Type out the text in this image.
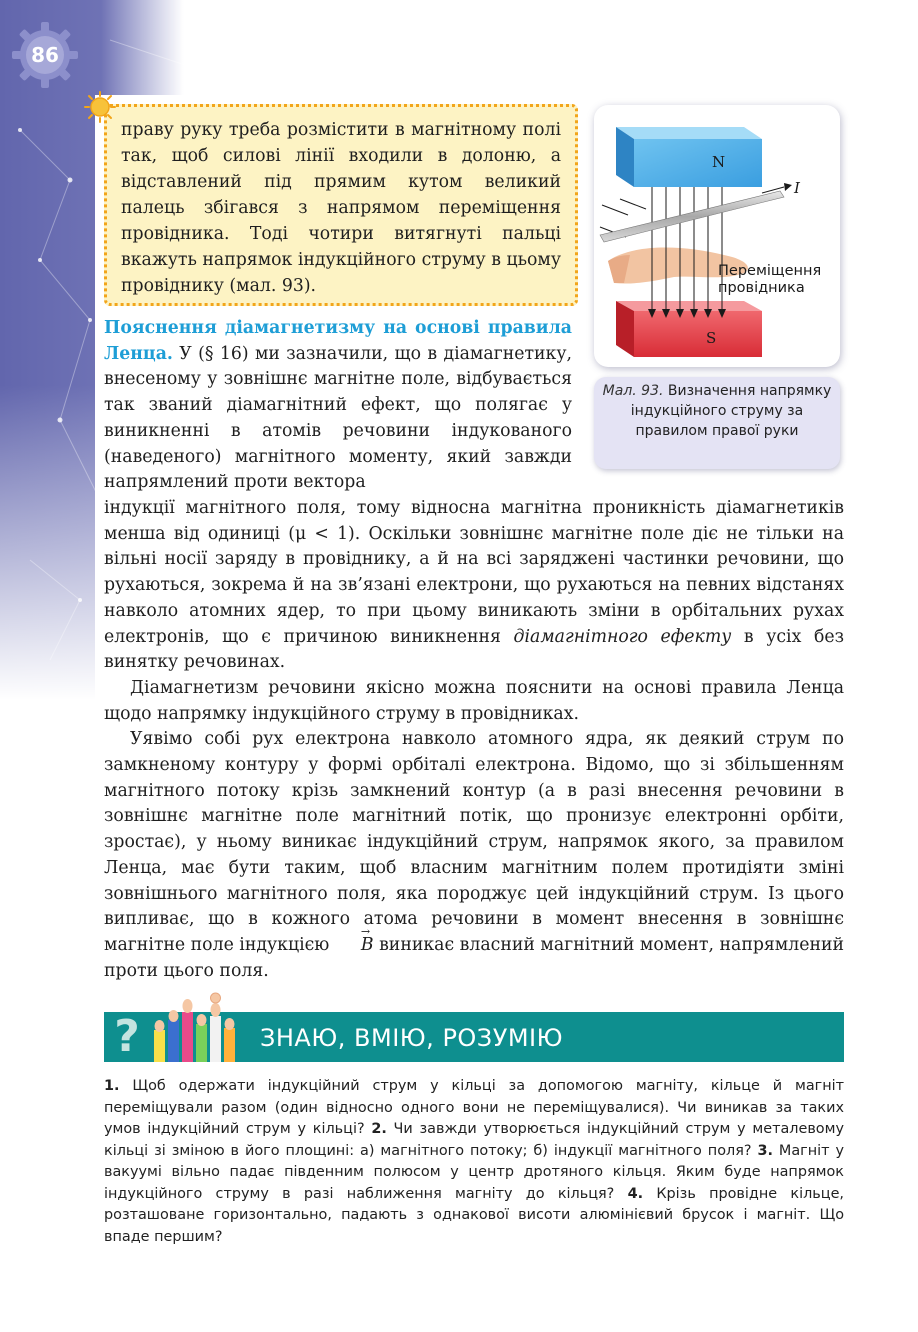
86

праву руку треба розмістити в магнітному полі так, щоб силові лінії входили в долоню, а відставлений під прямим кутом великий палець збігався з напрямом переміщення провідника. Тоді чотири витягнуті пальці вкажуть напрямок індукційного струму в цьому провіднику (мал. 93).

N
S
I
Переміщення
провідника
Мал. 93. Визначення напрямку індукційного струму за правилом правої руки

Пояснення діамагнетизму на основі правила Ленца. У (§ 16) ми зазначили, що в діамагнетику, внесеному у зовнішнє магнітне поле, відбувається так званий діамагнітний ефект, що полягає у виникненні в атомів речовини індукованого (наведеного) магнітного моменту, який завжди напрямлений проти вектора

індукції магнітного поля, тому відносна магнітна проникність діамагнетиків менша від одиниці (μ < 1). Оскільки зовнішнє магнітне поле діє не тільки на вільні носії заряду в провіднику, а й на всі заряджені частинки речовини, що рухаються, зокрема й на зв’язані електрони, що рухаються на певних відстанях навколо атомних ядер, то при цьому виникають зміни в орбітальних рухах електронів, що є причиною виникнення діамагнітного ефекту в усіх без винятку речовинах.

Діамагнетизм речовини якісно можна пояснити на основі правила Ленца щодо напрямку індукційного струму в провідниках.

Уявімо собі рух електрона навколо атомного ядра, як деякий струм по замкненому контуру у формі орбіталі електрона. Відомо, що зі збільшенням магнітного потоку крізь замкнений контур (а в разі внесення речовини в зовнішнє магнітне поле магнітний потік, що пронизує електронні орбіти, зростає), у ньому виникає індукційний струм, напрямок якого, за правилом Ленца, має бути таким, щоб власним магнітним полем протидіяти зміні зовнішнього магнітного поля, яка породжує цей індукційний струм. Із цього випливає, що в кожного атома речовини в момент внесення в зовнішнє магнітне поле індукцією → B виникає власний магнітний момент, напрямлений проти цього поля.

?	ЗНАЮ, ВМІЮ, РОЗУМІЮ
1. Щоб одержати індукційний струм у кільці за допомогою магніту, кільце й магніт переміщували разом (один відносно одного вони не переміщувалися). Чи виникав за таких умов індукційний струм у кільці? 2. Чи завжди утворюється індукційний струм у металевому кільці зі зміною в його площині: а) магнітного потоку; б) індукції магнітного поля? 3. Магніт у вакуумі вільно падає південним полюсом у центр дротяного кільця. Яким буде напрямок індукційного струму в разі наближення магніту до кільця? 4. Крізь провідне кільце, розташоване горизонтально, падають з однакової висоти алюмінієвий брусок і магніт. Що впаде першим?
